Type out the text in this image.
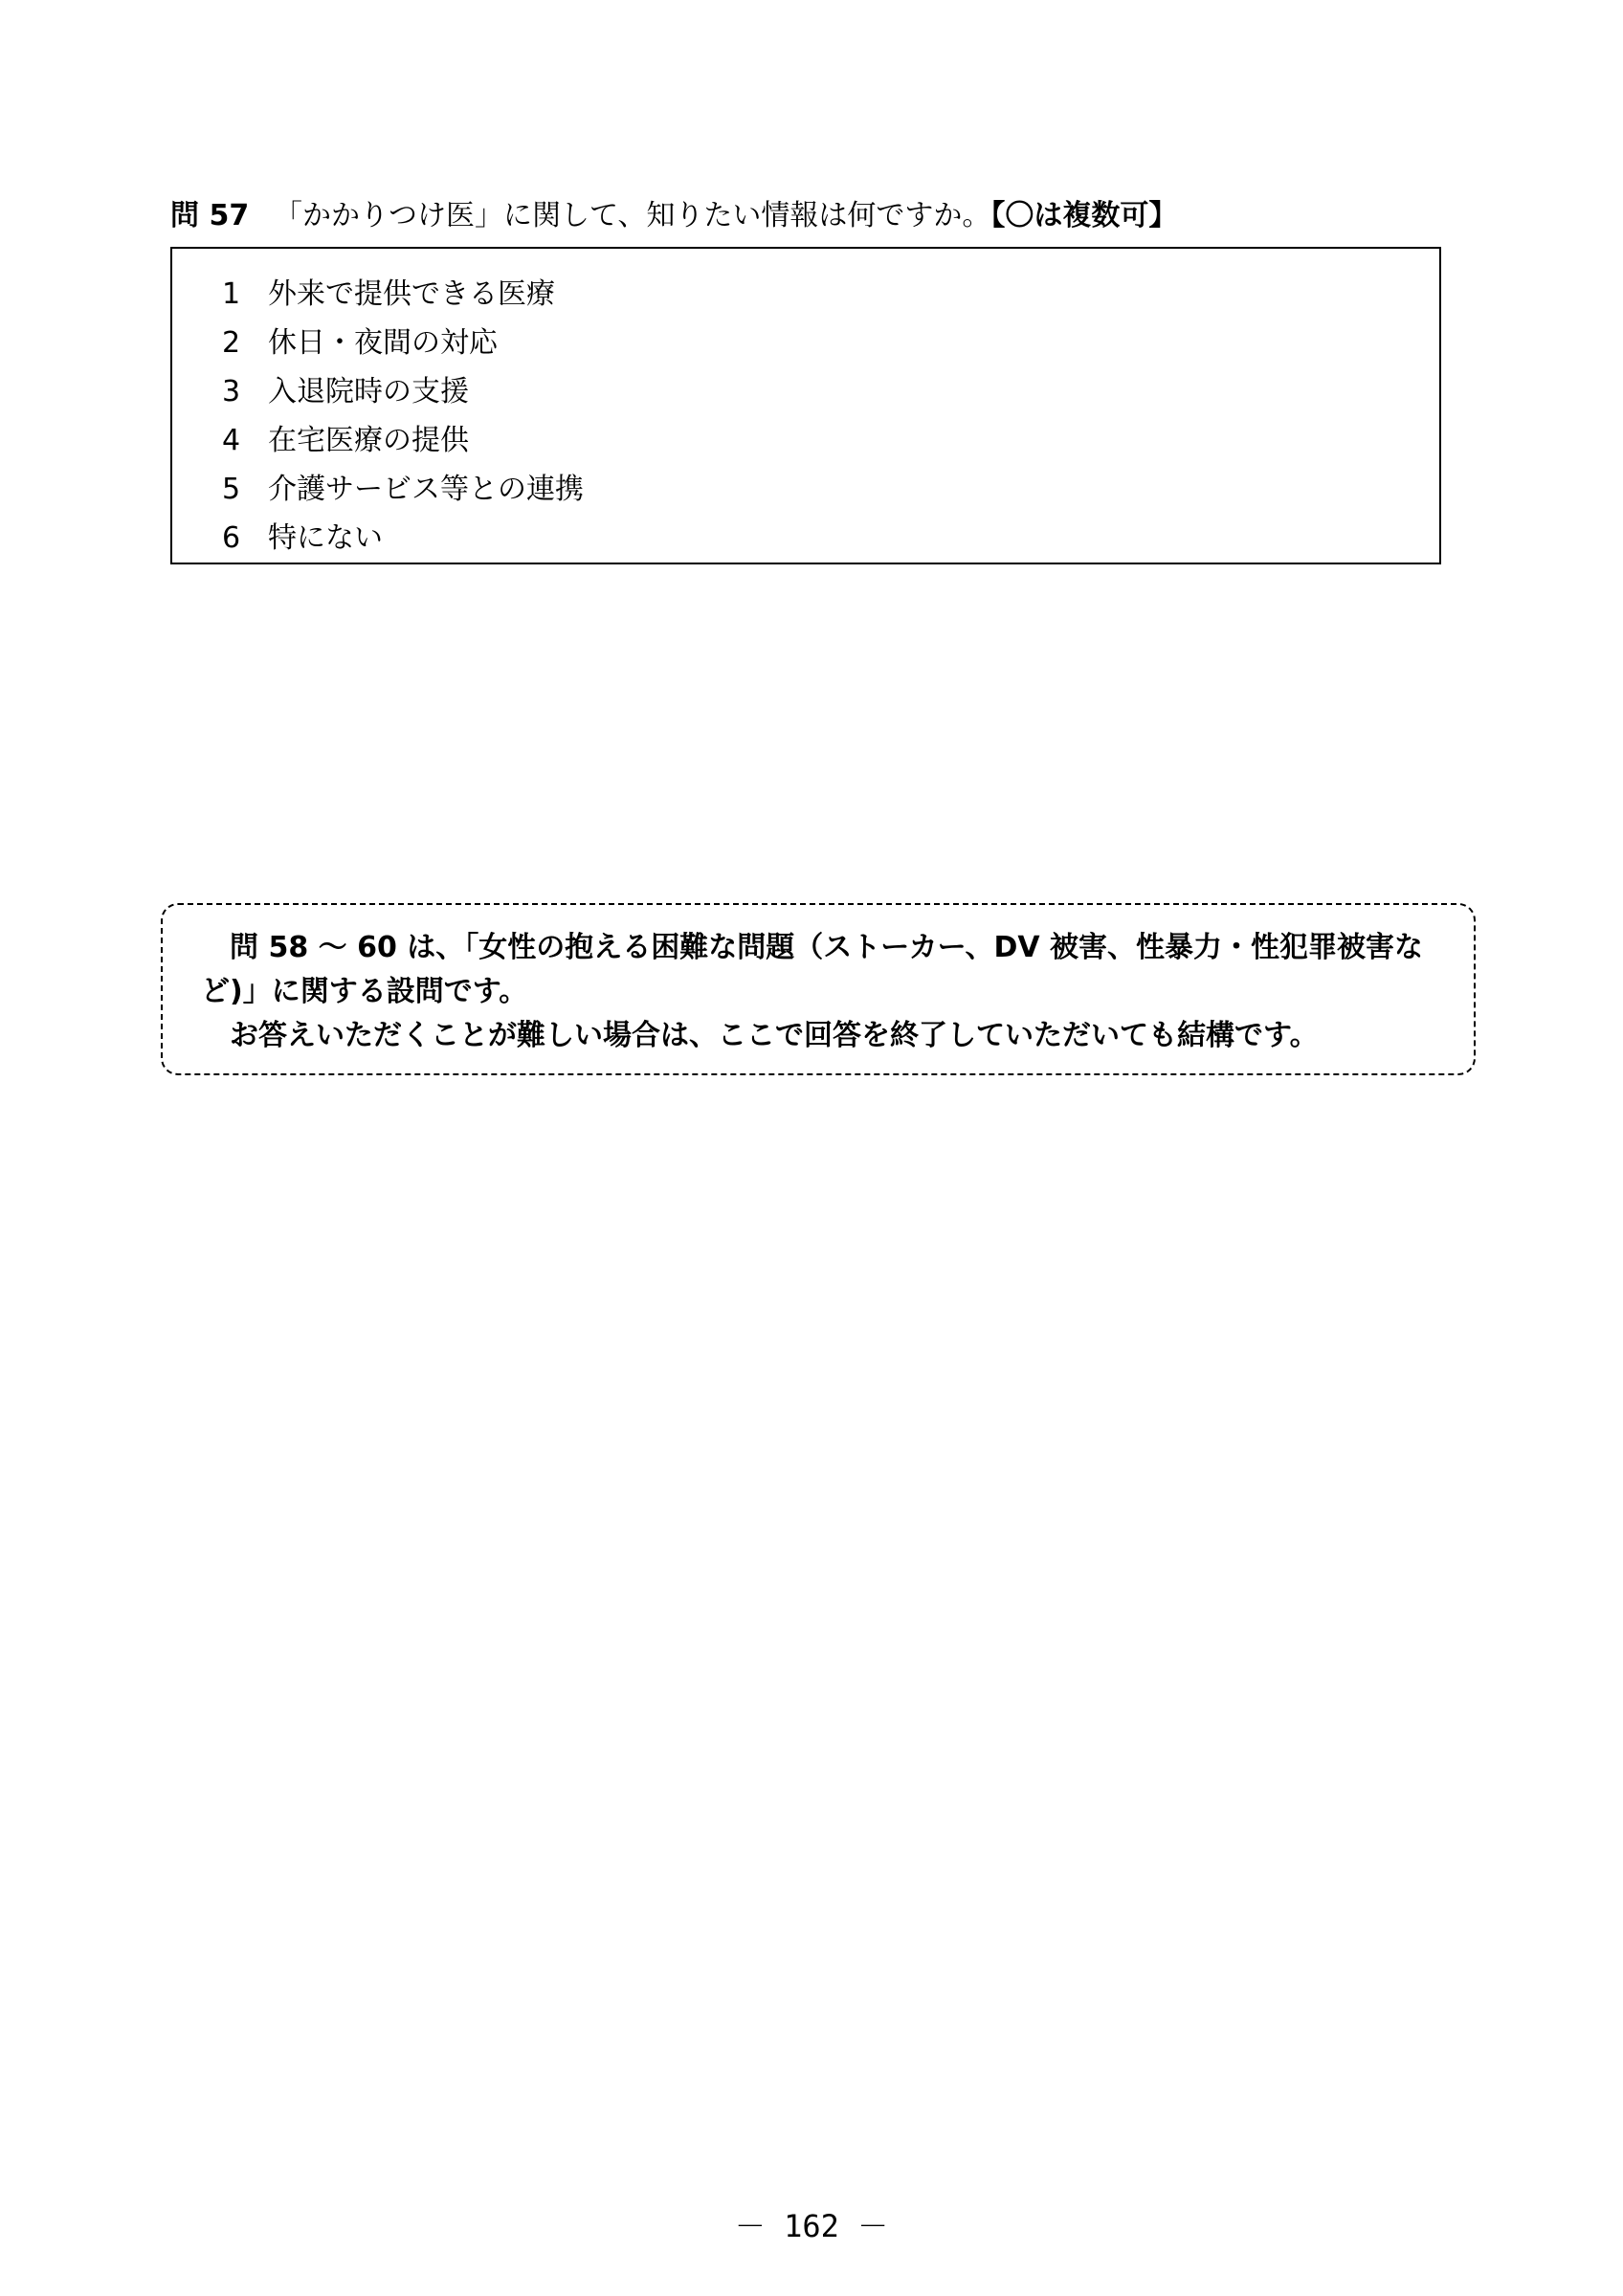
問 57 「かかりつけ医」に関して、知りたい情報は何ですか。【〇は複数可】
1 外来で提供できる医療
2 休日・夜間の対応
3 入退院時の支援
4 在宅医療の提供
5 介護サービス等との連携
6 特にない

問 58 ～ 60 は、「女性の抱える困難な問題（ストーカー、DV 被害、性暴力・性犯罪被害など)」に関する設問です。

お答えいただくことが難しい場合は、ここで回答を終了していただいても結構です。

－ 162 －
